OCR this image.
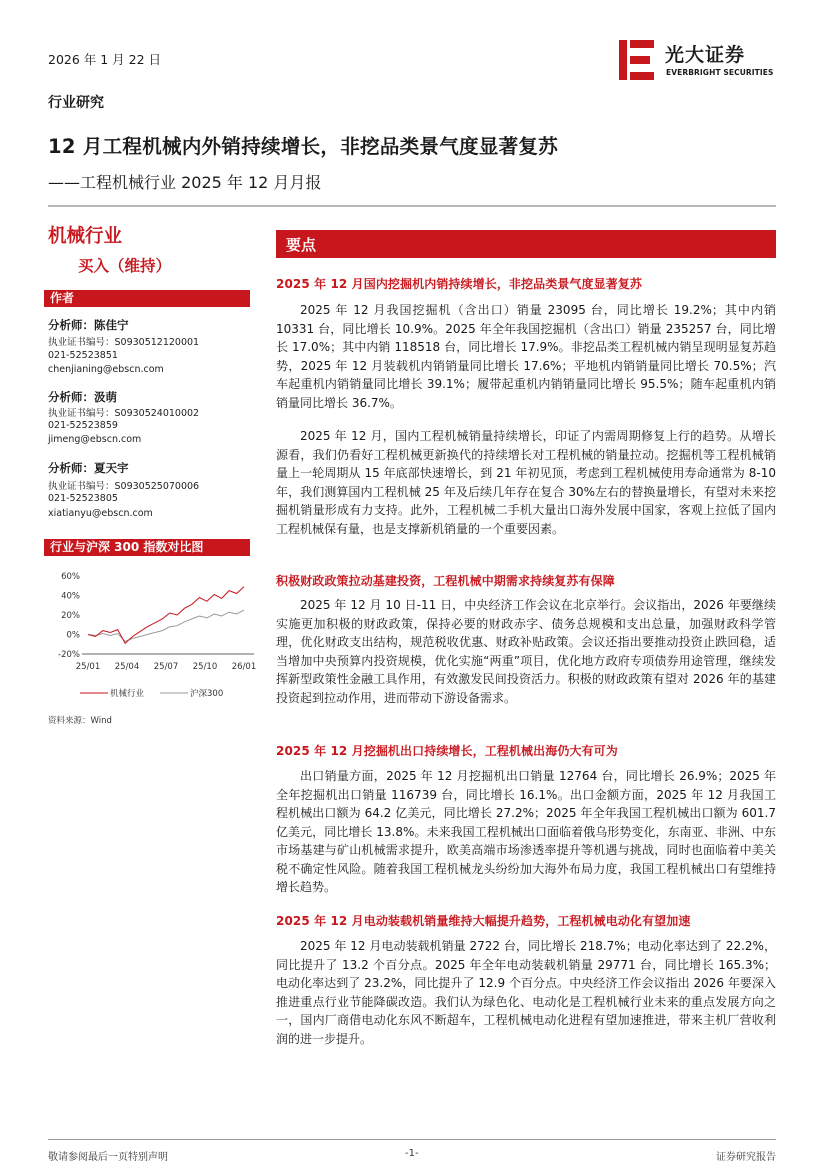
2026 年 1 月 22 日	光大证券
EVERBRIGHT SECURITIES
行业研究
12 月工程机械内外销持续增长，非挖品类景气度显著复苏
——工程机械行业 2025 年 12 月月报
机械行业
买入（维持）
作者
分析师：陈佳宁
执业证书编号：S0930512120001
021-52523851
chenjianing@ebscn.com
分析师：汲萌
执业证书编号：S0930524010002
021-52523859
jimeng@ebscn.com
分析师：夏天宇
执业证书编号：S0930525070006
021-52523805
xiatianyu@ebscn.com
行业与沪深 300 指数对比图
60%
40%
20%
0%
-20%
25/01 25/04 25/07 25/10 26/01
机械行业	沪深300
资料来源：Wind
要点
2025 年 12 月国内挖掘机内销持续增长，非挖品类景气度显著复苏
2025 年 12 月我国挖掘机（含出口）销量 23095 台，同比增长 19.2%；其中内销 10331 台，同比增长 10.9%。2025 年全年我国挖掘机（含出口）销量 235257 台，同比增长 17.0%；其中内销 118518 台，同比增长 17.9%。非挖品类工程机械内销呈现明显复苏趋势，2025 年 12 月装载机内销销量同比增长 17.6%；平地机内销销量同比增长 70.5%；汽车起重机内销销量同比增长 39.1%；履带起重机内销销量同比增长 95.5%；随车起重机内销销量同比增长 36.7%。
2025 年 12 月，国内工程机械销量持续增长，印证了内需周期修复上行的趋势。从增长源看，我们仍看好工程机械更新换代的持续增长对工程机械的销量拉动。挖掘机等工程机械销量上一轮周期从 15 年底部快速增长，到 21 年初见顶，考虑到工程机械使用寿命通常为 8-10 年，我们测算国内工程机械 25 年及后续几年存在复合 30%左右的替换量增长，有望对未来挖掘机销量形成有力支持。此外，工程机械二手机大量出口海外发展中国家，客观上拉低了国内工程机械保有量，也是支撑新机销量的一个重要因素。
积极财政政策拉动基建投资，工程机械中期需求持续复苏有保障
2025 年 12 月 10 日-11 日，中央经济工作会议在北京举行。会议指出，2026 年要继续实施更加积极的财政政策，保持必要的财政赤字、债务总规模和支出总量，加强财政科学管理，优化财政支出结构，规范税收优惠、财政补贴政策。会议还指出要推动投资止跌回稳，适当增加中央预算内投资规模，优化实施“两重”项目，优化地方政府专项债券用途管理，继续发挥新型政策性金融工具作用，有效激发民间投资活力。积极的财政政策有望对 2026 年的基建投资起到拉动作用，进而带动下游设备需求。
2025 年 12 月挖掘机出口持续增长，工程机械出海仍大有可为
出口销量方面，2025 年 12 月挖掘机出口销量 12764 台，同比增长 26.9%；2025 年全年挖掘机出口销量 116739 台，同比增长 16.1%。出口金额方面，2025 年 12 月我国工程机械出口额为 64.2 亿美元，同比增长 27.2%；2025 年全年我国工程机械出口额为 601.7 亿美元，同比增长 13.8%。未来我国工程机械出口面临着俄乌形势变化，东南亚、非洲、中东市场基建与矿山机械需求提升，欧美高端市场渗透率提升等机遇与挑战，同时也面临着中美关税不确定性风险。随着我国工程机械龙头纷纷加大海外布局力度，我国工程机械出口有望维持增长趋势。
2025 年 12 月电动装载机销量维持大幅提升趋势，工程机械电动化有望加速
2025 年 12 月电动装载机销量 2722 台，同比增长 218.7%；电动化率达到了 22.2%，同比提升了 13.2 个百分点。2025 年全年电动装载机销量 29771 台，同比增长 165.3%；电动化率达到了 23.2%，同比提升了 12.9 个百分点。中央经济工作会议指出 2026 年要深入推进重点行业节能降碳改造。我们认为绿色化、电动化是工程机械行业未来的重点发展方向之一，国内厂商借电动化东风不断超车，工程机械电动化进程有望加速推进，带来主机厂营收利润的进一步提升。
敬请参阅最后一页特别声明	-1-	证券研究报告
